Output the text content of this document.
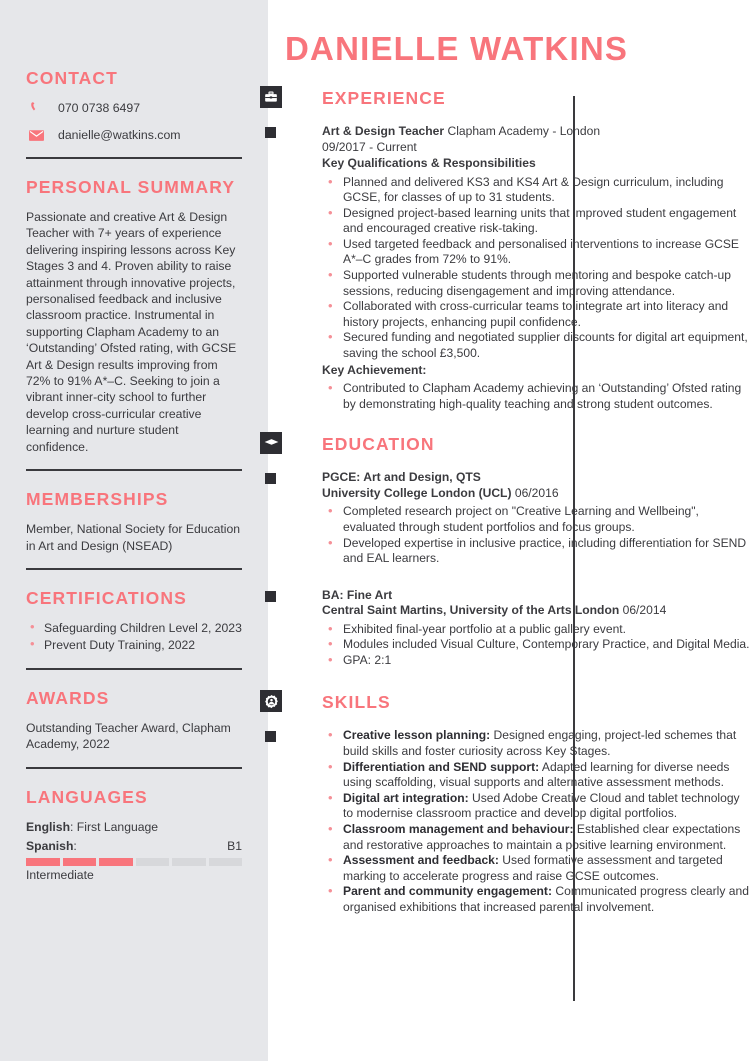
CONTACT
070 0738 6497
danielle@watkins.com
PERSONAL SUMMARY
Passionate and creative Art & Design Teacher with 7+ years of experience delivering inspiring lessons across Key Stages 3 and 4. Proven ability to raise attainment through innovative projects, personalised feedback and inclusive classroom practice. Instrumental in supporting Clapham Academy to an ‘Outstanding’ Ofsted rating, with GCSE Art & Design results improving from 72% to 91% A*–C. Seeking to join a vibrant inner-city school to further develop cross-curricular creative learning and nurture student confidence.
MEMBERSHIPS
Member, National Society for Education in Art and Design (NSEAD)
CERTIFICATIONS
• Safeguarding Children Level 2, 2023
• Prevent Duty Training, 2022
AWARDS
Outstanding Teacher Award, Clapham Academy, 2022
LANGUAGES
English: First Language
Spanish:	B1
Intermediate
DANIELLE WATKINS
EXPERIENCE
Art & Design Teacher Clapham Academy - London
09/2017 - Current
Key Qualifications & Responsibilities
• Planned and delivered KS3 and KS4 Art & Design curriculum, including GCSE, for classes of up to 31 students.
• Designed project-based learning units that improved student engagement and encouraged creative risk-taking.
• Used targeted feedback and personalised interventions to increase GCSE A*–C grades from 72% to 91%.
• Supported vulnerable students through mentoring and bespoke catch-up sessions, reducing disengagement and improving attendance.
• Collaborated with cross-curricular teams to integrate art into literacy and history projects, enhancing pupil confidence.
• Secured funding and negotiated supplier discounts for digital art equipment, saving the school £3,500.
Key Achievement:
• Contributed to Clapham Academy achieving an ‘Outstanding’ Ofsted rating by demonstrating high-quality teaching and strong student outcomes.
EDUCATION
PGCE: Art and Design, QTS
University College London (UCL) 06/2016
• Completed research project on "Creative Learning and Wellbeing", evaluated through student portfolios and focus groups.
• Developed expertise in inclusive practice, including differentiation for SEND and EAL learners.
BA: Fine Art
Central Saint Martins, University of the Arts London 06/2014
• Exhibited final-year portfolio at a public gallery event.
• Modules included Visual Culture, Contemporary Practice, and Digital Media.
• GPA: 2:1
SKILLS
• Creative lesson planning: Designed engaging, project-led schemes that build skills and foster curiosity across Key Stages.
• Differentiation and SEND support: Adapted learning for diverse needs using scaffolding, visual supports and alternative assessment methods.
• Digital art integration: Used Adobe Creative Cloud and tablet technology to modernise classroom practice and develop digital portfolios.
• Classroom management and behaviour: Established clear expectations and restorative approaches to maintain a positive learning environment.
• Assessment and feedback: Used formative assessment and targeted marking to accelerate progress and raise GCSE outcomes.
• Parent and community engagement: Communicated progress clearly and organised exhibitions that increased parental involvement.
